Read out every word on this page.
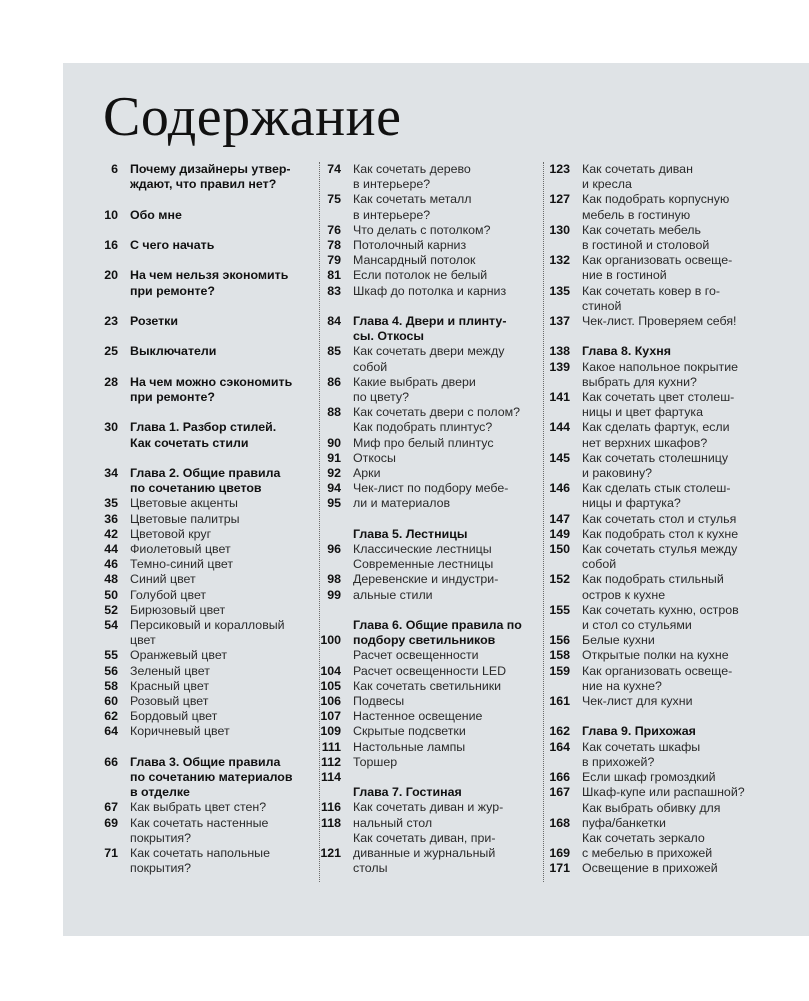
Содержание
6 Почему дизайнеры утвер-
ждают, что правил нет?
10 Обо мне
16 С чего начать
20 На чем нельзя экономить
при ремонте?
23 Розетки
25 Выключатели
28 На чем можно сэкономить
при ремонте?
30 Глава 1. Разбор стилей.
Как сочетать стили
34 Глава 2. Общие правила
по сочетанию цветов
35 Цветовые акценты
36 Цветовые палитры
42 Цветовой круг
44 Фиолетовый цвет
46 Темно-синий цвет
48 Синий цвет
50 Голубой цвет
52 Бирюзовый цвет
54 Персиковый и коралловый
цвет
55 Оранжевый цвет
56 Зеленый цвет
58 Красный цвет
60 Розовый цвет
62 Бордовый цвет
64 Коричневый цвет
66 Глава 3. Общие правила
по сочетанию материалов
в отделке
67 Как выбрать цвет стен?
69 Как сочетать настенные
покрытия?
71 Как сочетать напольные
покрытия?
74 Как сочетать дерево
в интерьере?
75 Как сочетать металл
в интерьере?
76 Что делать с потолком?
78 Потолочный карниз
79 Мансардный потолок
81 Если потолок не белый
83 Шкаф до потолка и карниз
84 Глава 4. Двери и плинту-
сы. Откосы
85 Как сочетать двери между
собой
86 Какие выбрать двери
по цвету?
88 Как сочетать двери с полом?
Как подобрать плинтус?
90 Миф про белый плинтус
91 Откосы
92 Арки
94 Чек-лист по подбору мебе-
95 ли и материалов
Глава 5. Лестницы
96 Классические лестницы
Современные лестницы
98 Деревенские и индустри-
99 альные стили
Глава 6. Общие правила по
100 подбору светильников
Расчет освещенности
104 Расчет освещенности LED
105 Как сочетать светильники
106 Подвесы
107 Настенное освещение
109 Скрытые подсветки
111 Настольные лампы
112 Торшер
114
Глава 7. Гостиная
116 Как сочетать диван и жур-
118 нальный стол
Как сочетать диван, при-
121 диванные и журнальный
столы
123 Как сочетать диван
и кресла
127 Как подобрать корпусную
мебель в гостиную
130 Как сочетать мебель
в гостиной и столовой
132 Как организовать освеще-
ние в гостиной
135 Как сочетать ковер в го-
стиной
137 Чек-лист. Проверяем себя!
138 Глава 8. Кухня
139 Какое напольное покрытие
выбрать для кухни?
141 Как сочетать цвет столеш-
ницы и цвет фартука
144 Как сделать фартук, если
нет верхних шкафов?
145 Как сочетать столешницу
и раковину?
146 Как сделать стык столеш-
ницы и фартука?
147 Как сочетать стол и стулья
149 Как подобрать стол к кухне
150 Как сочетать стулья между
собой
152 Как подобрать стильный
остров к кухне
155 Как сочетать кухню, остров
и стол со стульями
156 Белые кухни
158 Открытые полки на кухне
159 Как организовать освеще-
ние на кухне?
161 Чек-лист для кухни
162 Глава 9. Прихожая
164 Как сочетать шкафы
в прихожей?
166 Если шкаф громоздкий
167 Шкаф-купе или распашной?
Как выбрать обивку для
168 пуфа/банкетки
Как сочетать зеркало
169 с мебелью в прихожей
171 Освещение в прихожей
